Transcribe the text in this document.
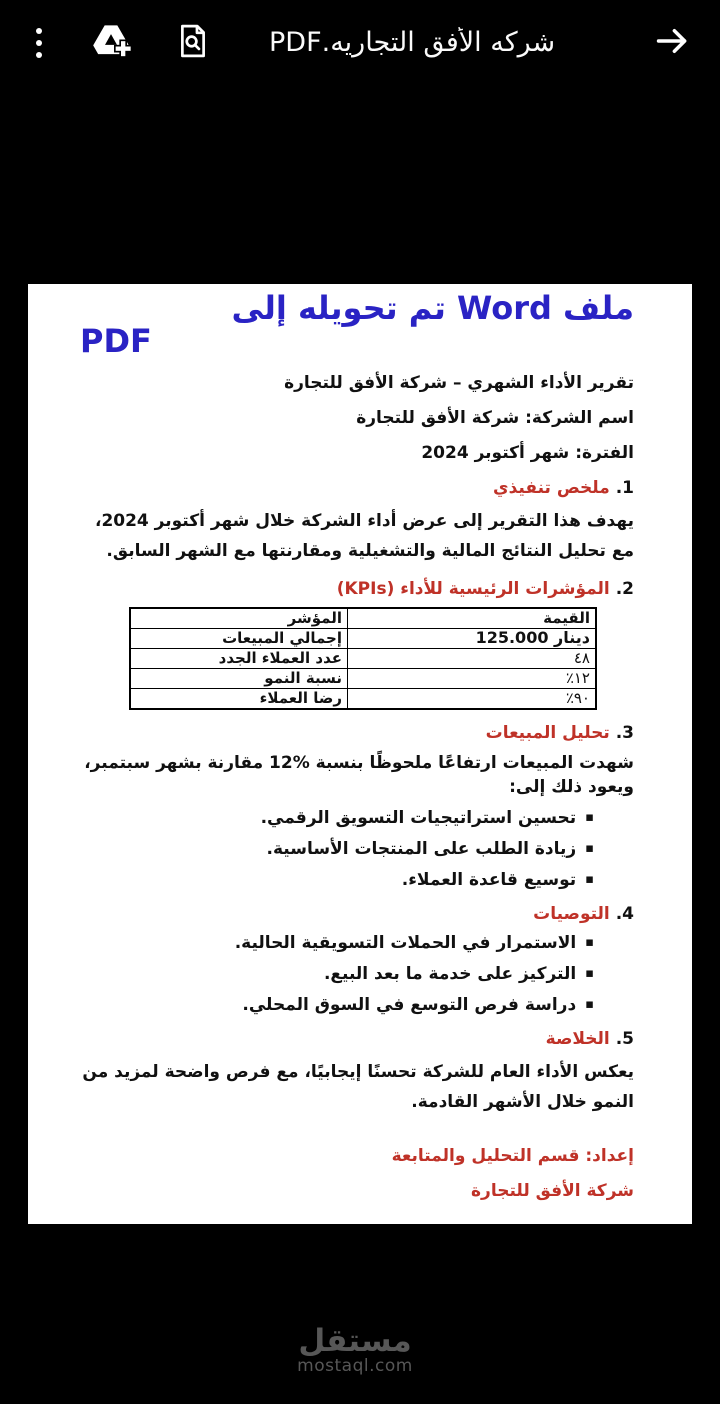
شركه الأفق التجاريه.PDF
ملف Word تم تحويله إلى
PDF

تقرير الأداء الشهري – شركة الأفق للتجارة

اسم الشركة: شركة الأفق للتجارة

الفترة: شهر أكتوبر 2024

1. ملخص تنفيذي

يهدف هذا التقرير إلى عرض أداء الشركة خلال شهر أكتوبر 2024، مع تحليل النتائج المالية والتشغيلية ومقارنتها مع الشهر السابق.

2. المؤشرات الرئيسية للأداء (KPIs)
القيمة	المؤشر
125.000 دينار	إجمالي المبيعات
٤٨	عدد العملاء الجدد
٪١٢	نسبة النمو
٪٩٠	رضا العملاء
3. تحليل المبيعات

شهدت المبيعات ارتفاعًا ملحوظًا بنسبة %12 مقارنة بشهر سبتمبر، ويعود ذلك إلى:

▪
تحسين استراتيجيات التسويق الرقمي.
▪
زيادة الطلب على المنتجات الأساسية.
▪
توسيع قاعدة العملاء.
4. التوصيات
▪
الاستمرار في الحملات التسويقية الحالية.
▪
التركيز على خدمة ما بعد البيع.
▪
دراسة فرص التوسع في السوق المحلي.
5. الخلاصة

يعكس الأداء العام للشركة تحسنًا إيجابيًا، مع فرص واضحة لمزيد من النمو خلال الأشهر القادمة.

إعداد: قسم التحليل والمتابعة
شركة الأفق للتجارة
مستقل
mostaql.com
